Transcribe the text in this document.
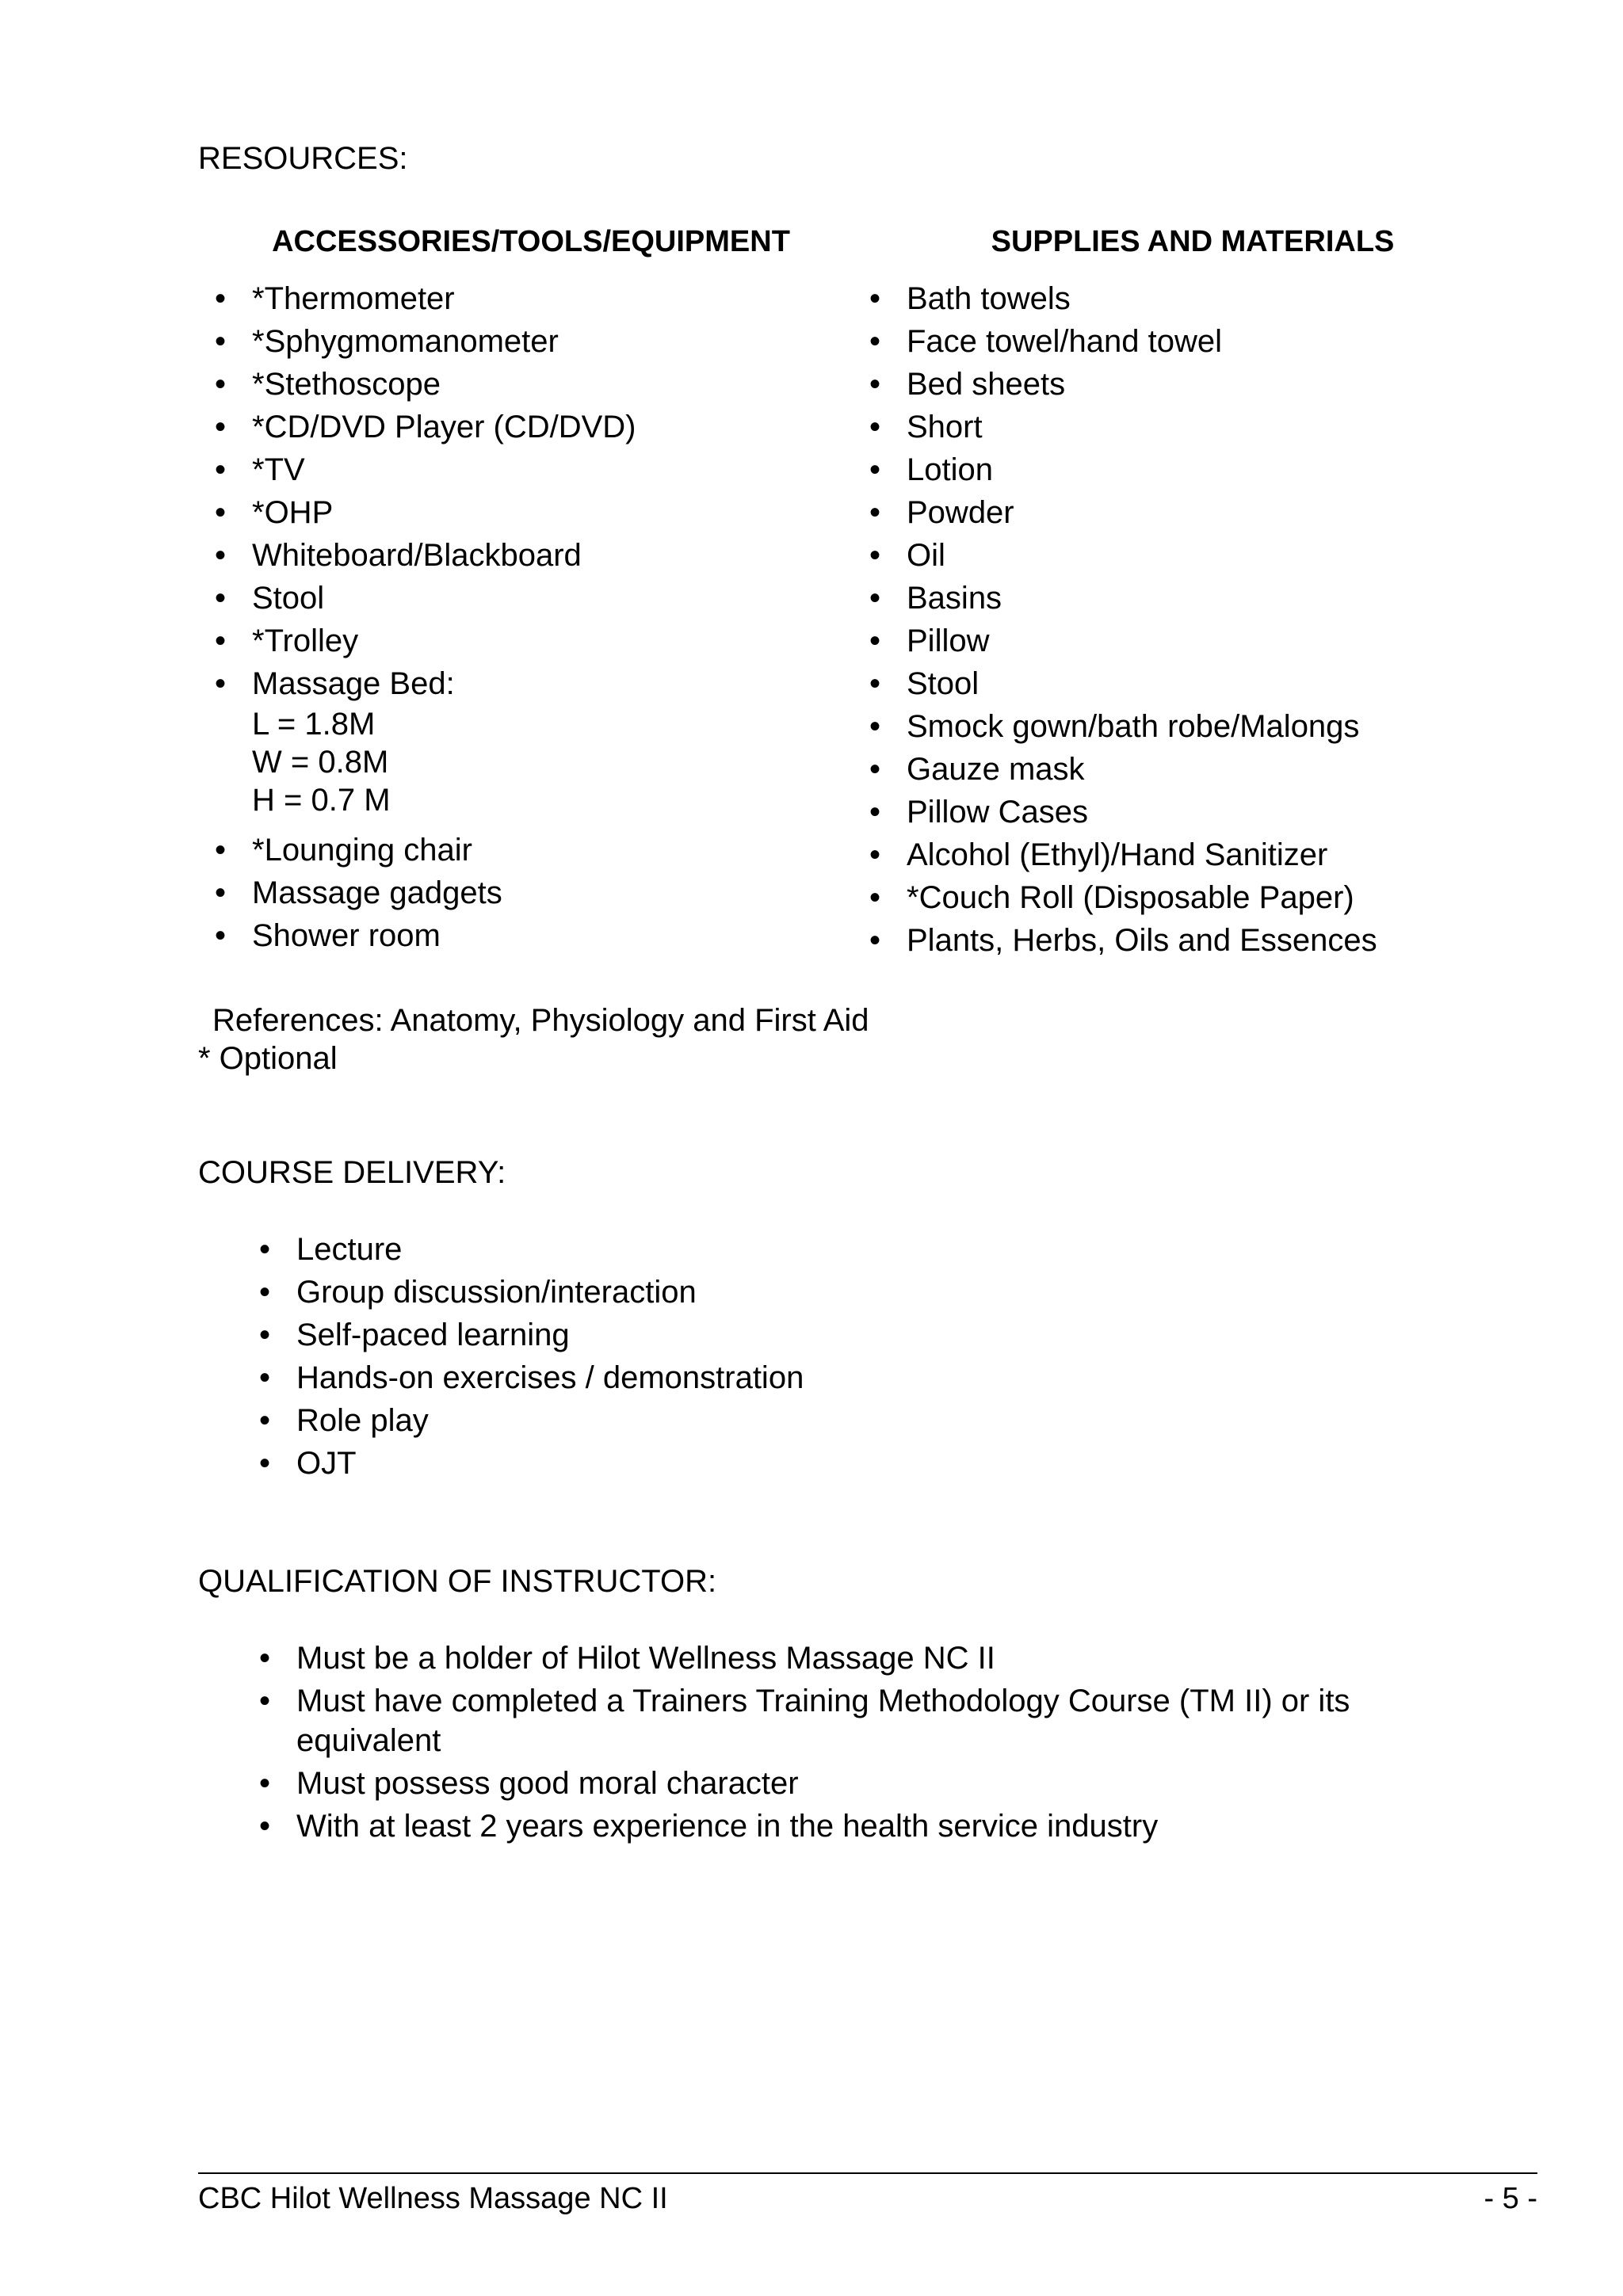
RESOURCES:
ACCESSORIES/TOOLS/EQUIPMENT	SUPPLIES AND MATERIALS
• *Thermometer
• *Sphygmomanometer
• *Stethoscope
• *CD/DVD Player (CD/DVD)
• *TV
• *OHP
• Whiteboard/Blackboard
• Stool
• *Trolley
• Massage Bed:
L = 1.8M
W = 0.8M
H = 0.7 M
• *Lounging chair
• Massage gadgets
• Shower room
• Bath towels
• Face towel/hand towel
• Bed sheets
• Short
• Lotion
• Powder
• Oil
• Basins
• Pillow
• Stool
• Smock gown/bath robe/Malongs
• Gauze mask
• Pillow Cases
• Alcohol (Ethyl)/Hand Sanitizer
• *Couch Roll (Disposable Paper)
• Plants, Herbs, Oils and Essences
References: Anatomy, Physiology and First Aid
* Optional
COURSE DELIVERY:
• Lecture
• Group discussion/interaction
• Self-paced learning
• Hands-on exercises / demonstration
• Role play
• OJT
QUALIFICATION OF INSTRUCTOR:
• Must be a holder of Hilot Wellness Massage NC II
• Must have completed a Trainers Training Methodology Course (TM II) or its equivalent
• Must possess good moral character
• With at least 2 years experience in the health service industry
CBC Hilot Wellness Massage NC II	- 5 -
